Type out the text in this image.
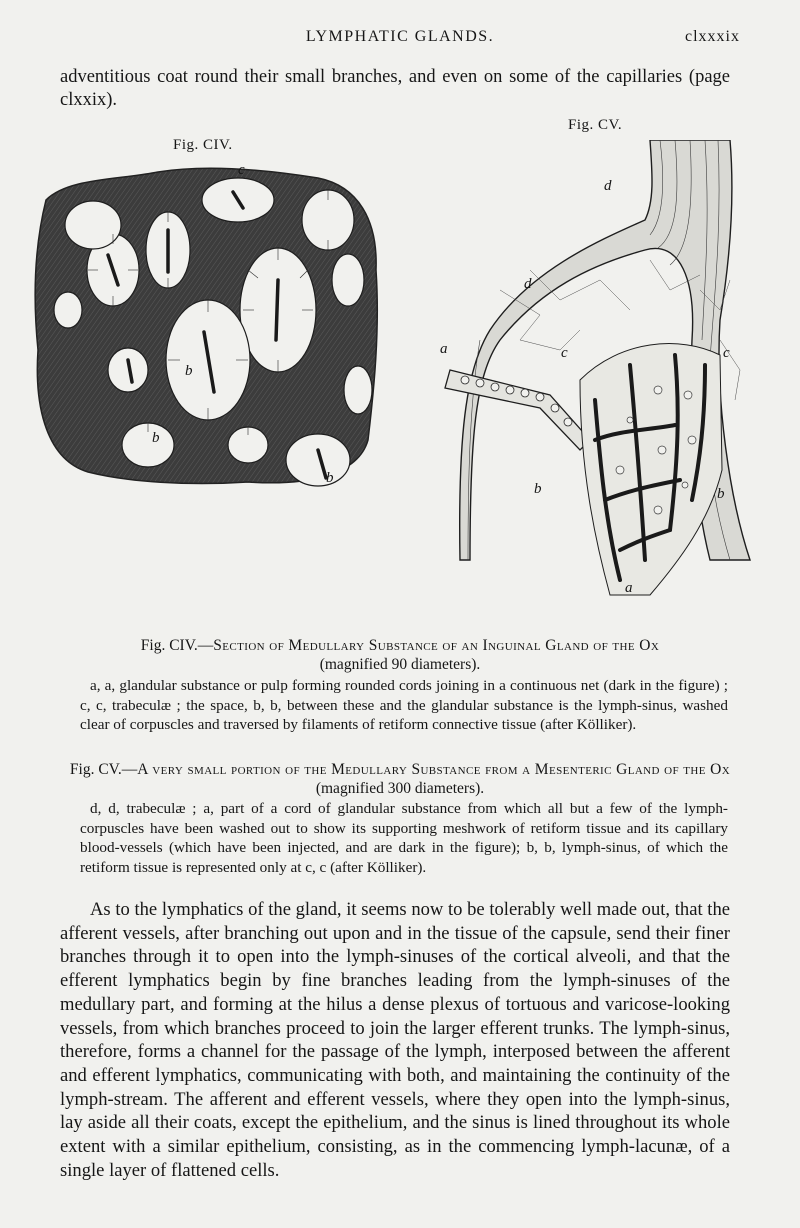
LYMPHATIC GLANDS.	clxxxix
adventitious coat round their small branches, and even on some of the capillaries (page clxxix).
Fig. CIV.
Fig. CV.
c
b
b
b
d
d
a	c	c
b	b
a
Fig. CIV.—Section of Medullary Substance of an Inguinal Gland of the Ox
(magnified 90 diameters).
a, a, glandular substance or pulp forming rounded cords joining in a continuous net (dark in the figure) ; c, c, trabeculæ ; the space, b, b, between these and the glandular substance is the lymph-sinus, washed clear of corpuscles and traversed by filaments of retiform connective tissue (after Kölliker).
Fig. CV.—A very small portion of the Medullary Substance from a Mesenteric Gland of the Ox (magnified 300 diameters).
d, d, trabeculæ ; a, part of a cord of glandular substance from which all but a few of the lymph-corpuscles have been washed out to show its supporting meshwork of retiform tissue and its capillary blood-vessels (which have been injected, and are dark in the figure); b, b, lymph-sinus, of which the retiform tissue is represented only at c, c (after Kölliker).
As to the lymphatics of the gland, it seems now to be tolerably well made out, that the afferent vessels, after branching out upon and in the tissue of the capsule, send their finer branches through it to open into the lymph-sinuses of the cortical alveoli, and that the efferent lymphatics begin by fine branches leading from the lymph-sinuses of the medullary part, and forming at the hilus a dense plexus of tortuous and varicose-looking vessels, from which branches proceed to join the larger efferent trunks. The lymph-sinus, therefore, forms a channel for the passage of the lymph, interposed between the afferent and efferent lymphatics, communicating with both, and maintaining the continuity of the lymph-stream. The afferent and efferent vessels, where they open into the lymph-sinus, lay aside all their coats, except the epithelium, and the sinus is lined throughout its whole extent with a similar epithelium, consisting, as in the commencing lymph-lacunæ, of a single layer of flattened cells.
